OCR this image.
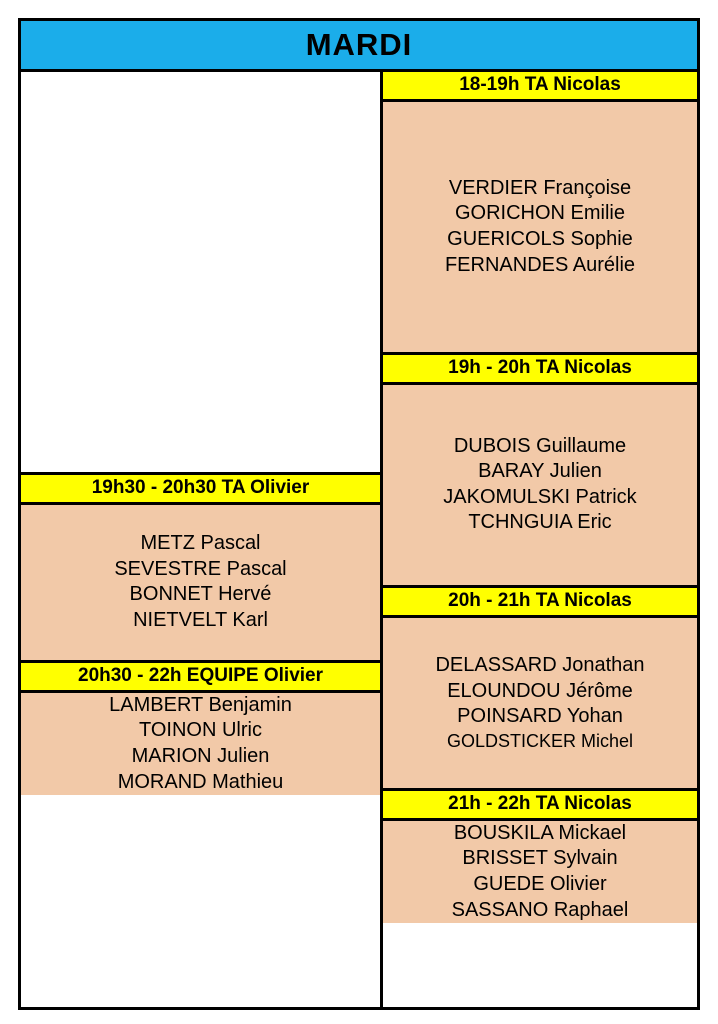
MARDI
19h30 - 20h30 TA Olivier
METZ Pascal
SEVESTRE Pascal
BONNET Hervé
NIETVELT Karl
20h30 - 22h EQUIPE Olivier
LAMBERT Benjamin
TOINON Ulric
MARION Julien
MORAND Mathieu
18-19h TA Nicolas
VERDIER Françoise
GORICHON Emilie
GUERICOLS Sophie
FERNANDES Aurélie
19h - 20h TA Nicolas
DUBOIS Guillaume
BARAY Julien
JAKOMULSKI Patrick
TCHNGUIA Eric
20h - 21h TA Nicolas
DELASSARD Jonathan
ELOUNDOU Jérôme
POINSARD Yohan
GOLDSTICKER Michel
21h - 22h TA Nicolas
BOUSKILA Mickael
BRISSET Sylvain
GUEDE Olivier
SASSANO Raphael
